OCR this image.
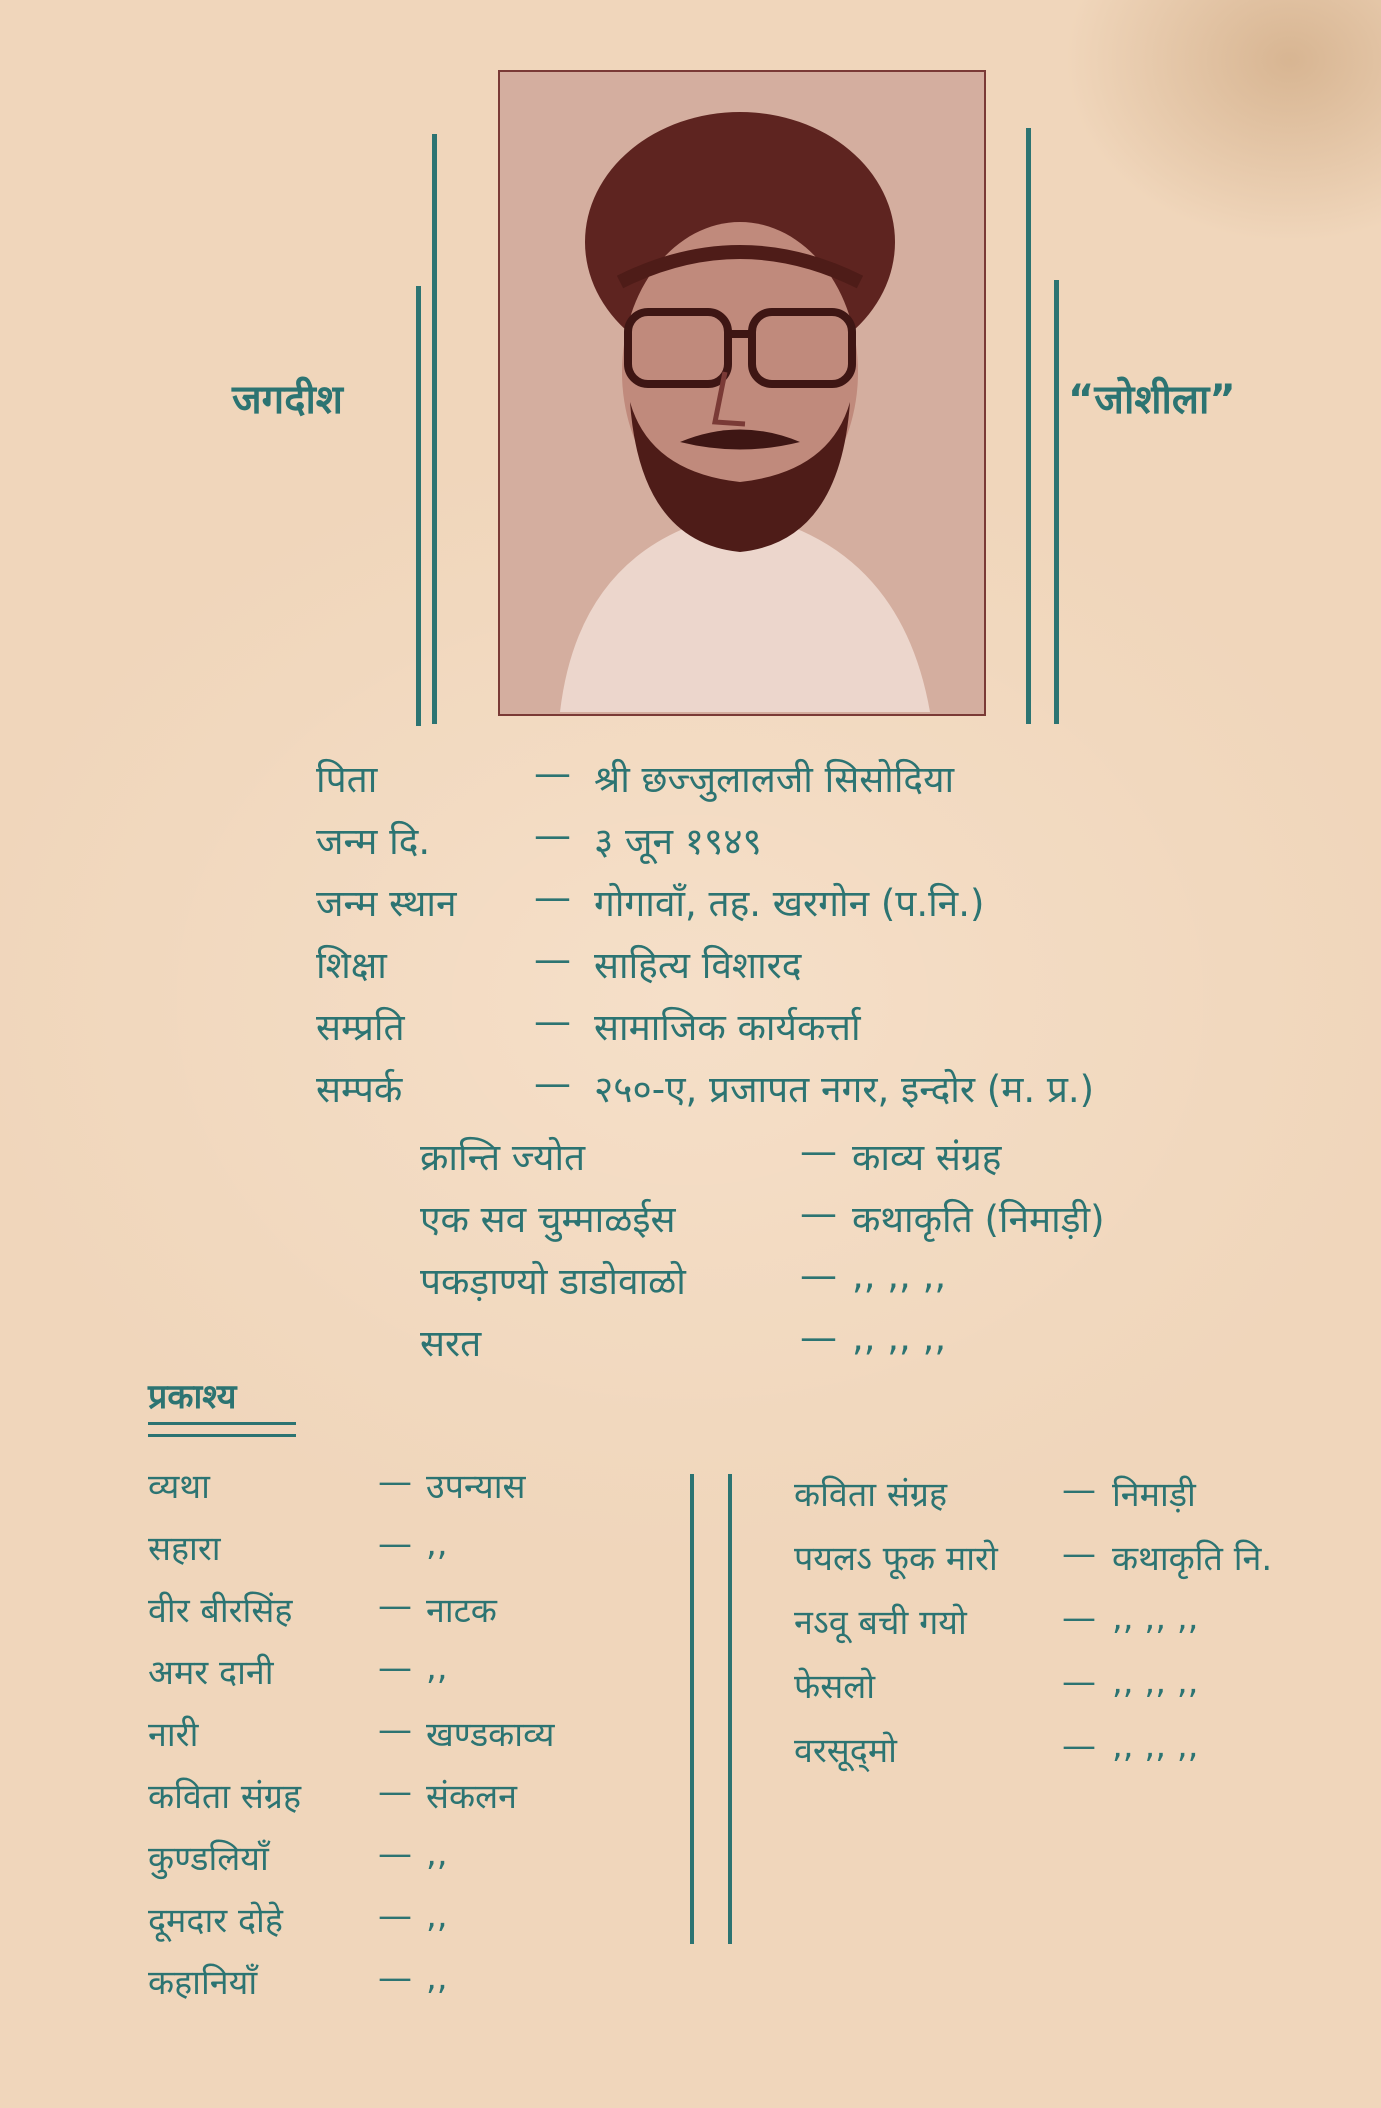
जगदीश	“जोशीला”
पिता	— श्री छज्जुलालजी सिसोदिया
जन्म दि.	— ३ जून १९४९
जन्म स्थान — गोगावाँ, तह. खरगोन (प.नि.)
शिक्षा	— साहित्य विशारद
सम्प्रति	— सामाजिक कार्यकर्त्ता
सम्पर्क	— २५०-ए, प्रजापत नगर, इन्दोर (म. प्र.)
क्रान्ति ज्योत	— काव्य संग्रह
एक सव चुम्माळईस	— कथाकृति (निमाड़ी)
पकड़ाण्यो डाडोवाळो	— ,, ,, ,,
सरत	— ,, ,, ,,
प्रकाश्य
व्यथा	— उपन्यास
सहारा	— ,,
वीर बीरसिंह	— नाटक
अमर दानी	— ,,
नारी	— खण्डकाव्य
कविता संग्रह — संकलन
कुण्डलियाँ	— ,,
दूमदार दोहे	— ,,
कहानियाँ	— ,,
कविता संग्रह	— निमाड़ी
पयलऽ फूक मारो — कथाकृति नि.
नऽवू बची गयो	— ,, ,, ,,
फेसलो	— ,, ,, ,,
वरसूद्‌मो	— ,, ,, ,,
